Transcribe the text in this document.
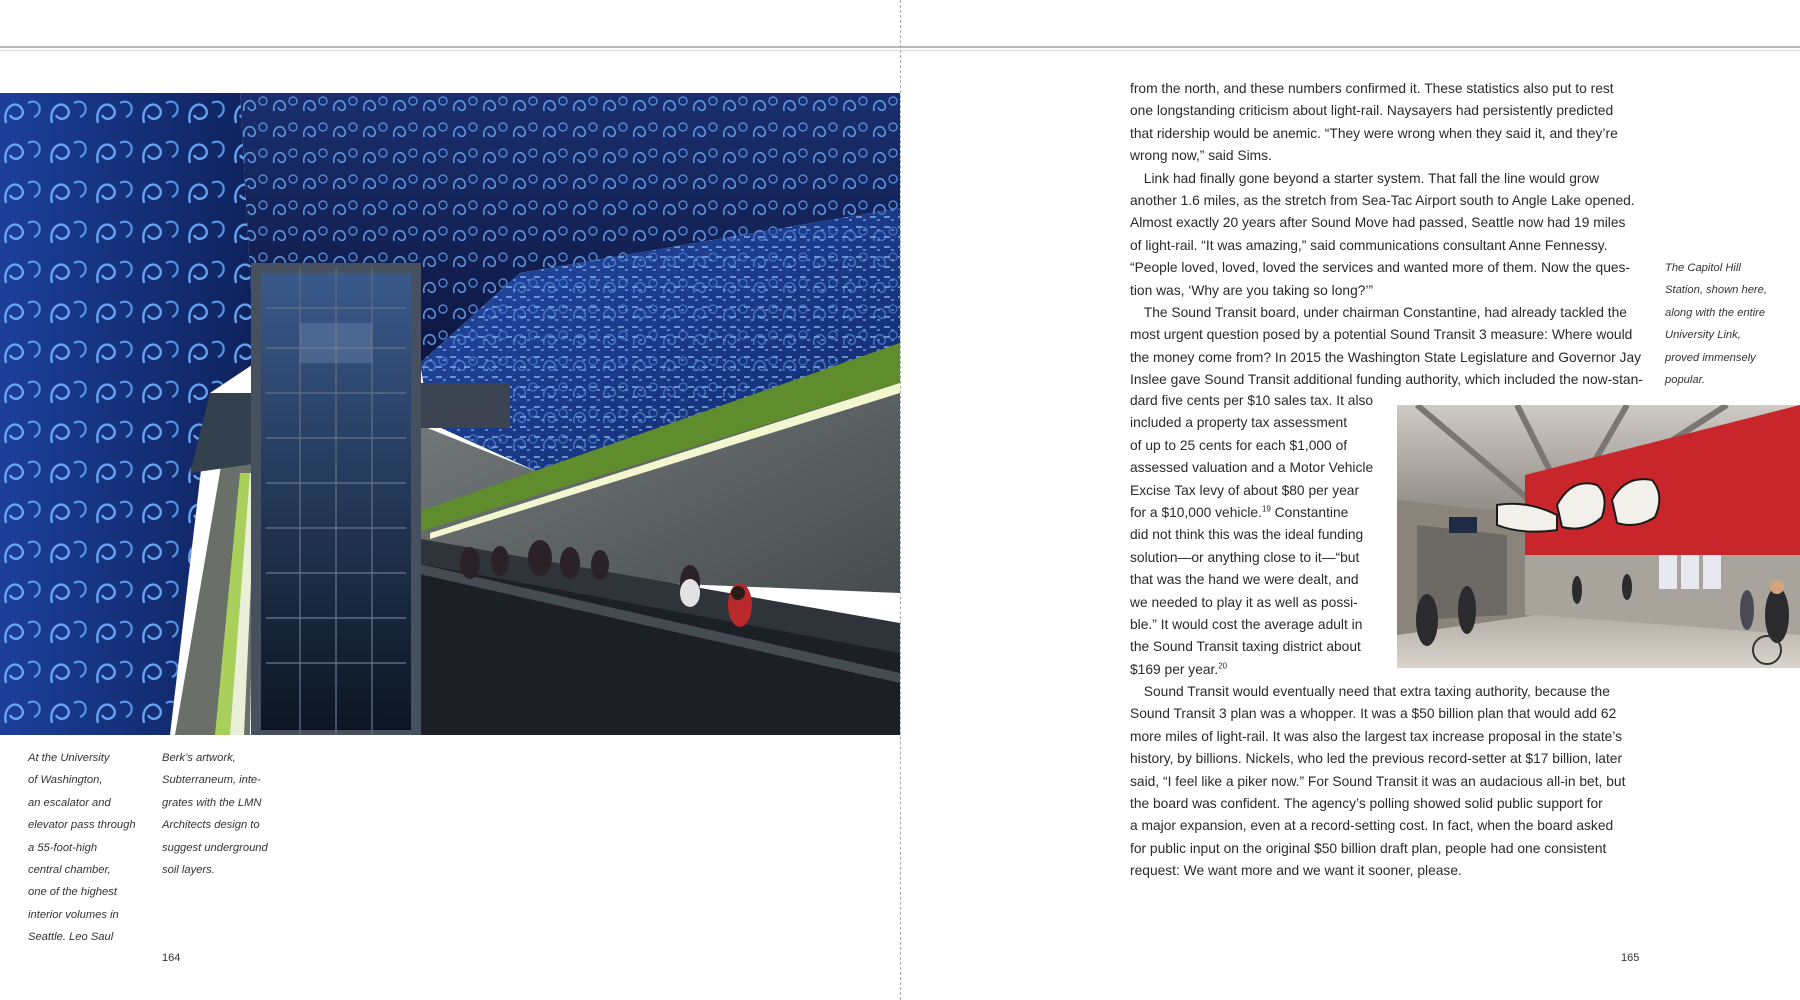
At the University
of Washington,
an escalator and
elevator pass through
a 55-foot-high
central chamber,
one of the highest
interior volumes in
Seattle. Leo Saul
Berk’s artwork,
Subterraneum, inte-
grates with the LMN
Architects design to
suggest underground
soil layers.
164
from the north, and these numbers confirmed it. These statistics also put to rest
one longstanding criticism about light-rail. Naysayers had persistently predicted
that ridership would be anemic. “They were wrong when they said it, and they’re
wrong now,” said Sims.
 Link had finally gone beyond a starter system. That fall the line would grow
another 1.6 miles, as the stretch from Sea-Tac Airport south to Angle Lake opened.
Almost exactly 20 years after Sound Move had passed, Seattle now had 19 miles
of light-rail. “It was amazing,” said communications consultant Anne Fennessy.
“People loved, loved, loved the services and wanted more of them. Now the ques-
tion was, ‘Why are you taking so long?’”
 The Sound Transit board, under chairman Constantine, had already tackled the
most urgent question posed by a potential Sound Transit 3 measure: Where would
the money come from? In 2015 the Washington State Legislature and Governor Jay
Inslee gave Sound Transit additional funding authority, which included the now-stan-
dard five cents per $10 sales tax. It also
included a property tax assessment
of up to 25 cents for each $1,000 of
assessed valuation and a Motor Vehicle
Excise Tax levy of about $80 per year
for a $10,000 vehicle.$^{19}$ Constantine
did not think this was the ideal funding
solution—or anything close to it—“but
that was the hand we were dealt, and
we needed to play it as well as possi-
ble.” It would cost the average adult in
the Sound Transit taxing district about
$169 per year.$^{20}$
 Sound Transit would eventually need that extra taxing authority, because the
Sound Transit 3 plan was a whopper. It was a $50 billion plan that would add 62
more miles of light-rail. It was also the largest tax increase proposal in the state’s
history, by billions. Nickels, who led the previous record-setter at $17 billion, later
said, “I feel like a piker now.” For Sound Transit it was an audacious all-in bet, but
the board was confident. The agency’s polling showed solid public support for
a major expansion, even at a record-setting cost. In fact, when the board asked
for public input on the original $50 billion draft plan, people had one consistent
request: We want more and we want it sooner, please.
The Capitol Hill
Station, shown here,
along with the entire
University Link,
proved immensely
popular.
165
